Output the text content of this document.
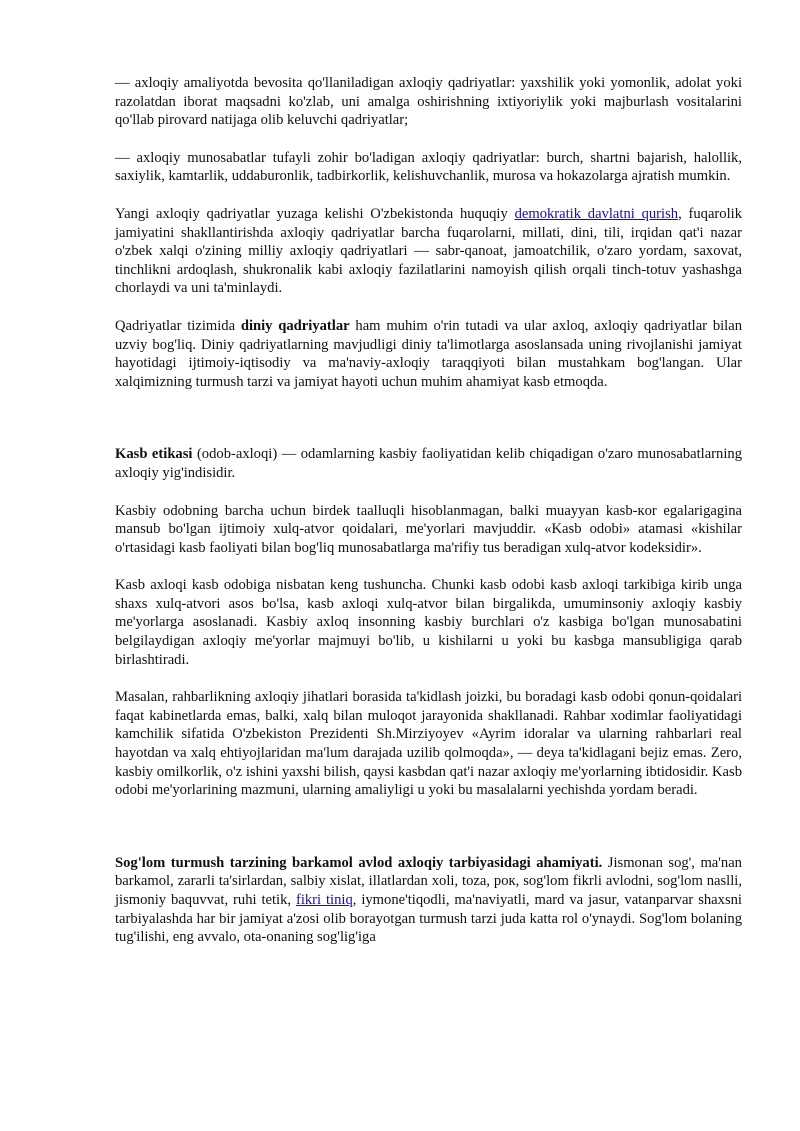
— axloqiy amaliyotda bevosita qo'llaniladigan axloqiy qadriyatlar: yaxshilik yoki yomonlik, adolat yoki razolatdan iborat maqsadni ko'zlab, uni amalga oshirishning ixtiyoriylik yoki majburlash vositalarini qo'llab pirovard natijaga olib keluvchi qadriyatlar;

— axloqiy munosabatlar tufayli zohir bo'ladigan axloqiy qadriyatlar: burch, shartni bajarish, halollik, saxiylik, kamtarlik, uddaburonlik, tadbirkorlik, kelishuvchanlik, murosa va hokazolarga ajratish mumkin.

Yangi axloqiy qadriyatlar yuzaga kelishi O'zbekistonda huquqiy demokratik davlatni qurish, fuqarolik jamiyatini shakllantirishda axloqiy qadriyatlar barcha fuqarolarni, millati, dini, tili, irqidan qat'i nazar o'zbek xalqi o'zining milliy axloqiy qadriyatlari — sabr-qanoat, jamoatchilik, o'zaro yordam, saxovat, tinchlikni ardoqlash, shukronalik kabi axloqiy fazilatlarini namoyish qilish orqali tinch-totuv yashashga chorlaydi va uni ta'minlaydi.

Qadriyatlar tizimida diniy qadriyatlar ham muhim o'rin tutadi va ular axloq, axloqiy qadriyatlar bilan uzviy bog'liq. Diniy qadriyatlarning mavjudligi diniy ta'limotlarga asoslansada uning rivojlanishi jamiyat hayotidagi ijtimoiy-iqtisodiy va ma'naviy-axloqiy taraqqiyoti bilan mustahkam bog'langan. Ular xalqimizning turmush tarzi va jamiyat hayoti uchun muhim ahamiyat kasb etmoqda.

Kasb etikasi (odob-axloqi) — odamlarning kasbiy faoliyatidan kelib chiqadigan o'zaro munosabatlarning axloqiy yig'indisidir.

Kasbiy odobning barcha uchun birdek taalluqli hisoblanmagan, balki muayyan kasb-кor egalarigagina mansub bo'lgan ijtimoiy xulq-atvor qoidalari, me'yorlari mavjuddir. «Kasb odobi» atamasi «kishilar o'rtasidagi kasb faoliyati bilan bog'liq munosabatlarga ma'rifiy tus beradigan xulq-atvor kodeksidir».

Kasb axloqi kasb odobiga nisbatan keng tushuncha. Chunki kasb odobi kasb axloqi tarkibiga kirib unga shaxs xulq-atvori asos bo'lsa, kasb axloqi xulq-atvor bilan birgalikda, umuminsoniy axloqiy kasbiy me'yorlarga asoslanadi. Kasbiy axloq insonning kasbiy burchlari o'z kasbiga bo'lgan munosabatini belgilaydigan axloqiy me'yorlar majmuyi bo'lib, u kishilarni u yoki bu kasbga mansubligiga qarab birlashtiradi.

Masalan, rahbarlikning axloqiy jihatlari borasida ta'kidlash joizki, bu boradagi kasb odobi qonun-qoidalari faqat kabinetlarda emas, balki, xalq bilan muloqot jarayonida shakllanadi. Rahbar xodimlar faoliyatidagi kamchilik sifatida O'zbekiston Prezidenti Sh.Mirziyoyev «Ayrim idoralar va ularning rahbarlari real hayotdan va xalq ehtiyojlaridan ma'lum darajada uzilib qolmoqda», — deya ta'kidlagani bejiz emas. Zero, kasbiy omilkorlik, o'z ishini yaxshi bilish, qaysi kasbdan qat'i nazar axloqiy me'yorlarning ibtidosidir. Kasb odobi me'yorlarining mazmuni, ularning amaliyligi u yoki bu masalalarni yechishda yordam beradi.

Sog'lom turmush tarzining barkamol avlod axloqiy tarbiyasidagi ahamiyati. Jismonan sog', ma'nan barkamol, zararli ta'sirlardan, salbiy xislat, illatlardan xoli, toza, poк, sog'lom fikrli avlodni, sog'lom naslli, jismoniy baquvvat, ruhi tetik, fikri tiniq, iymone'tiqodli, ma'naviyatli, mard va jasur, vatanparvar shaxsni tarbiyalashda har bir jamiyat a'zosi olib borayotgan turmush tarzi juda katta rol o'ynaydi. Sog'lom bolaning tug'ilishi, eng avvalo, ota-onaning sog'lig'iga
